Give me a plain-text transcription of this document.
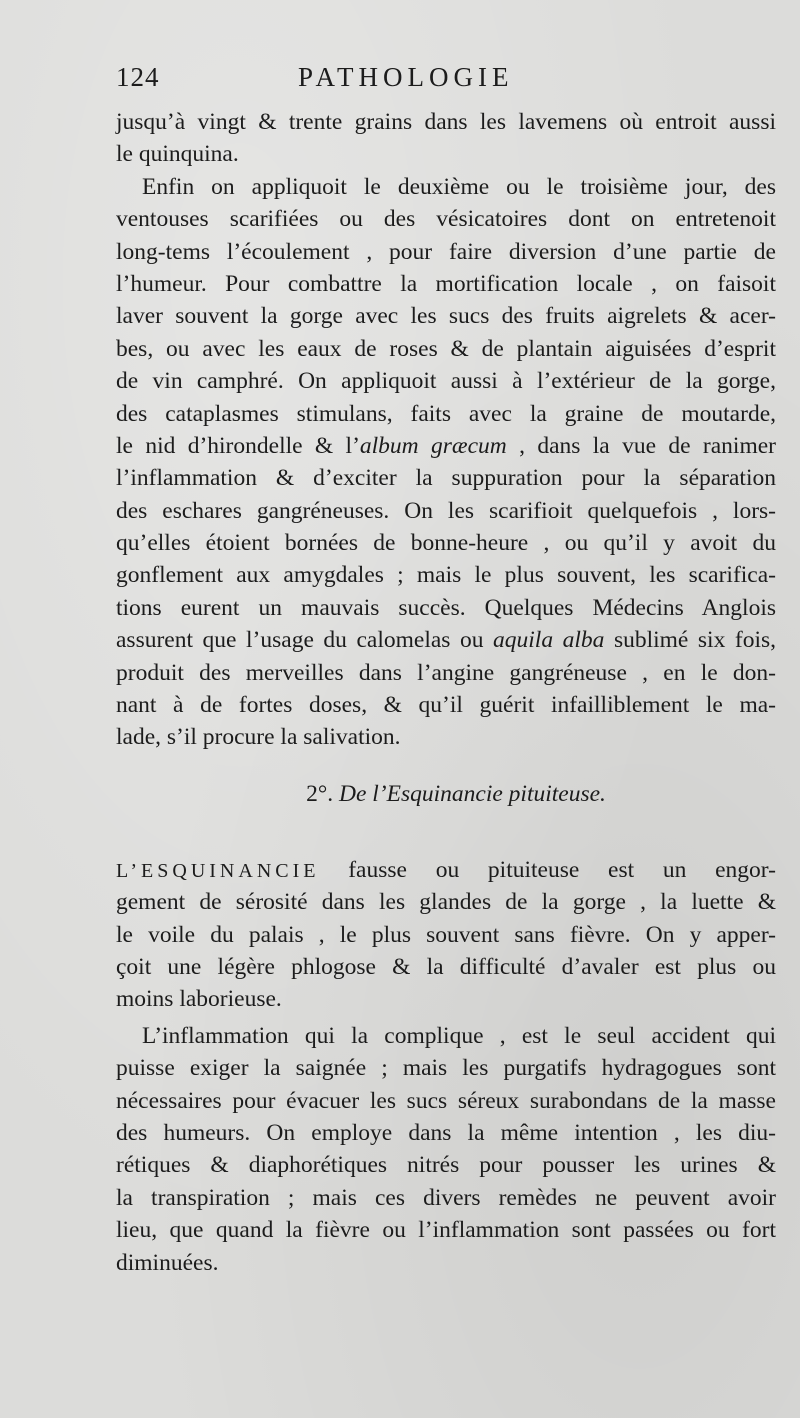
124	PATHOLOGIE
jusqu’à vingt & trente grains dans les lavemens où entroit aussi
le quinquina.
Enfin on appliquoit le deuxième ou le troisième jour, des
ventouses scarifiées ou des vésicatoires dont on entretenoit
long-tems l’écoulement , pour faire diversion d’une partie de
l’humeur. Pour combattre la mortification locale , on faisoit
laver souvent la gorge avec les sucs des fruits aigrelets & acer-
bes, ou avec les eaux de roses & de plantain aiguisées d’esprit
de vin camphré. On appliquoit aussi à l’extérieur de la gorge,
des cataplasmes stimulans, faits avec la graine de moutarde,
le nid d’hirondelle & l’album græcum , dans la vue de ranimer
l’inflammation & d’exciter la suppuration pour la séparation
des eschares gangréneuses. On les scarifioit quelquefois , lors-
qu’elles étoient bornées de bonne-heure , ou qu’il y avoit du
gonflement aux amygdales ; mais le plus souvent, les scarifica-
tions eurent un mauvais succès. Quelques Médecins Anglois
assurent que l’usage du calomelas ou aquila alba sublimé six fois,
produit des merveilles dans l’angine gangréneuse , en le don-
nant à de fortes doses, & qu’il guérit infailliblement le ma-
lade, s’il procure la salivation.
2°. De l’Esquinancie pituiteuse.
L’ESQUINANCIE fausse ou pituiteuse est un engor-
gement de sérosité dans les glandes de la gorge , la luette &
le voile du palais , le plus souvent sans fièvre. On y apper-
çoit une légère phlogose & la difficulté d’avaler est plus ou
moins laborieuse.
L’inflammation qui la complique , est le seul accident qui
puisse exiger la saignée ; mais les purgatifs hydragogues sont
nécessaires pour évacuer les sucs séreux surabondans de la masse
des humeurs. On employe dans la même intention , les diu-
rétiques & diaphorétiques nitrés pour pousser les urines &
la transpiration ; mais ces divers remèdes ne peuvent avoir
lieu, que quand la fièvre ou l’inflammation sont passées ou fort
diminuées.
